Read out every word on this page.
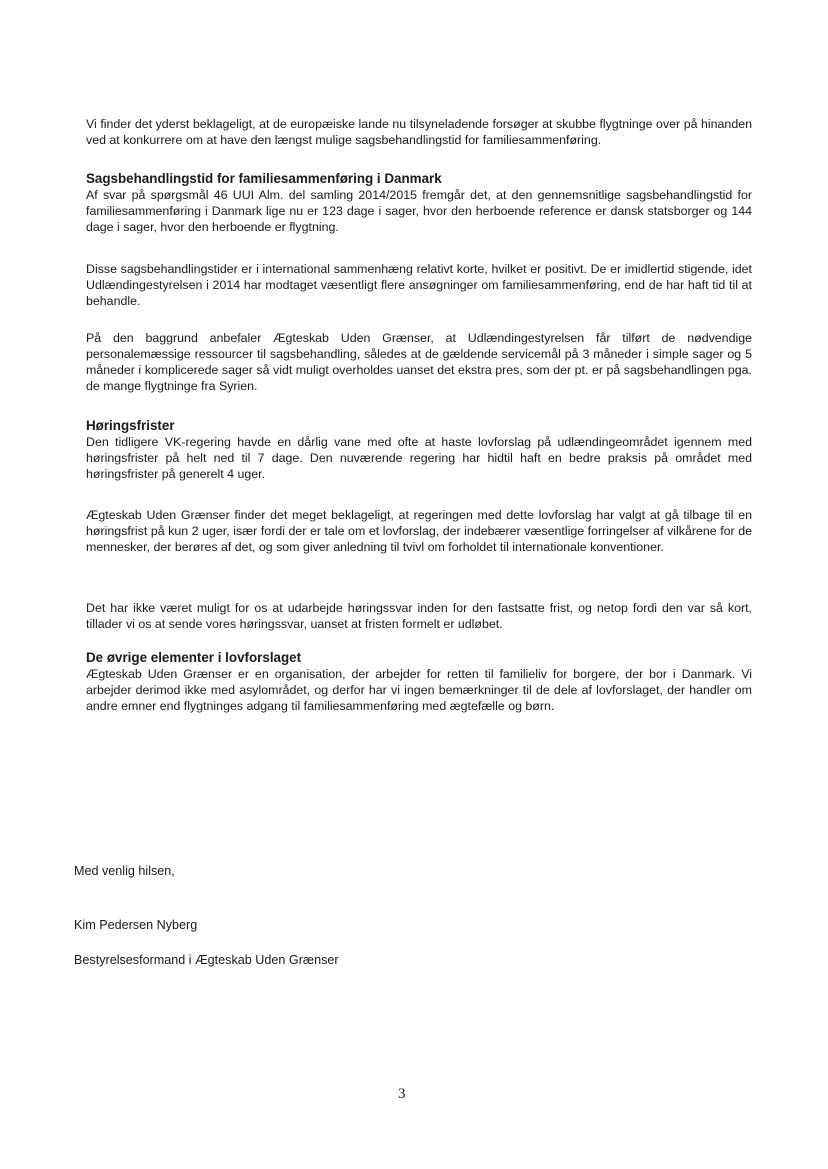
Vi finder det yderst beklageligt, at de europæiske lande nu tilsyneladende forsøger at skubbe flygtninge over på hinanden ved at konkurrere om at have den længst mulige sagsbehandlingstid for familiesammenføring.

Sagsbehandlingstid for familiesammenføring i Danmark

Af svar på spørgsmål 46 UUI Alm. del samling 2014/2015 fremgår det, at den gennemsnitlige sagsbehandlingstid for familiesammenføring i Danmark lige nu er 123 dage i sager, hvor den herboende reference er dansk statsborger og 144 dage i sager, hvor den herboende er flygtning.

Disse sagsbehandlingstider er i international sammenhæng relativt korte, hvilket er positivt. De er imidlertid stigende, idet Udlændingestyrelsen i 2014 har modtaget væsentligt flere ansøgninger om familiesammenføring, end de har haft tid til at behandle.

På den baggrund anbefaler Ægteskab Uden Grænser, at Udlændingestyrelsen får tilført de nødvendige personalemæssige ressourcer til sagsbehandling, således at de gældende servicemål på 3 måneder i simple sager og 5 måneder i komplicerede sager så vidt muligt overholdes uanset det ekstra pres, som der pt. er på sagsbehandlingen pga. de mange flygtninge fra Syrien.

Høringsfrister

Den tidligere VK-regering havde en dårlig vane med ofte at haste lovforslag på udlændingeområdet igennem med høringsfrister på helt ned til 7 dage. Den nuværende regering har hidtil haft en bedre praksis på området med høringsfrister på generelt 4 uger.

Ægteskab Uden Grænser finder det meget beklageligt, at regeringen med dette lovforslag har valgt at gå tilbage til en høringsfrist på kun 2 uger, især fordi der er tale om et lovforslag, der indebærer væsentlige forringelser af vilkårene for de mennesker, der berøres af det, og som giver anledning til tvivl om forholdet til internationale konventioner.

Det har ikke været muligt for os at udarbejde høringssvar inden for den fastsatte frist, og netop fordi den var så kort, tillader vi os at sende vores høringssvar, uanset at fristen formelt er udløbet.

De øvrige elementer i lovforslaget

Ægteskab Uden Grænser er en organisation, der arbejder for retten til familieliv for borgere, der bor i Danmark. Vi arbejder derimod ikke med asylområdet, og derfor har vi ingen bemærkninger til de dele af lovforslaget, der handler om andre emner end flygtninges adgang til familiesammenføring med ægtefælle og børn.

Med venlig hilsen,
Kim Pedersen Nyberg
Bestyrelsesformand i Ægteskab Uden Grænser
3
